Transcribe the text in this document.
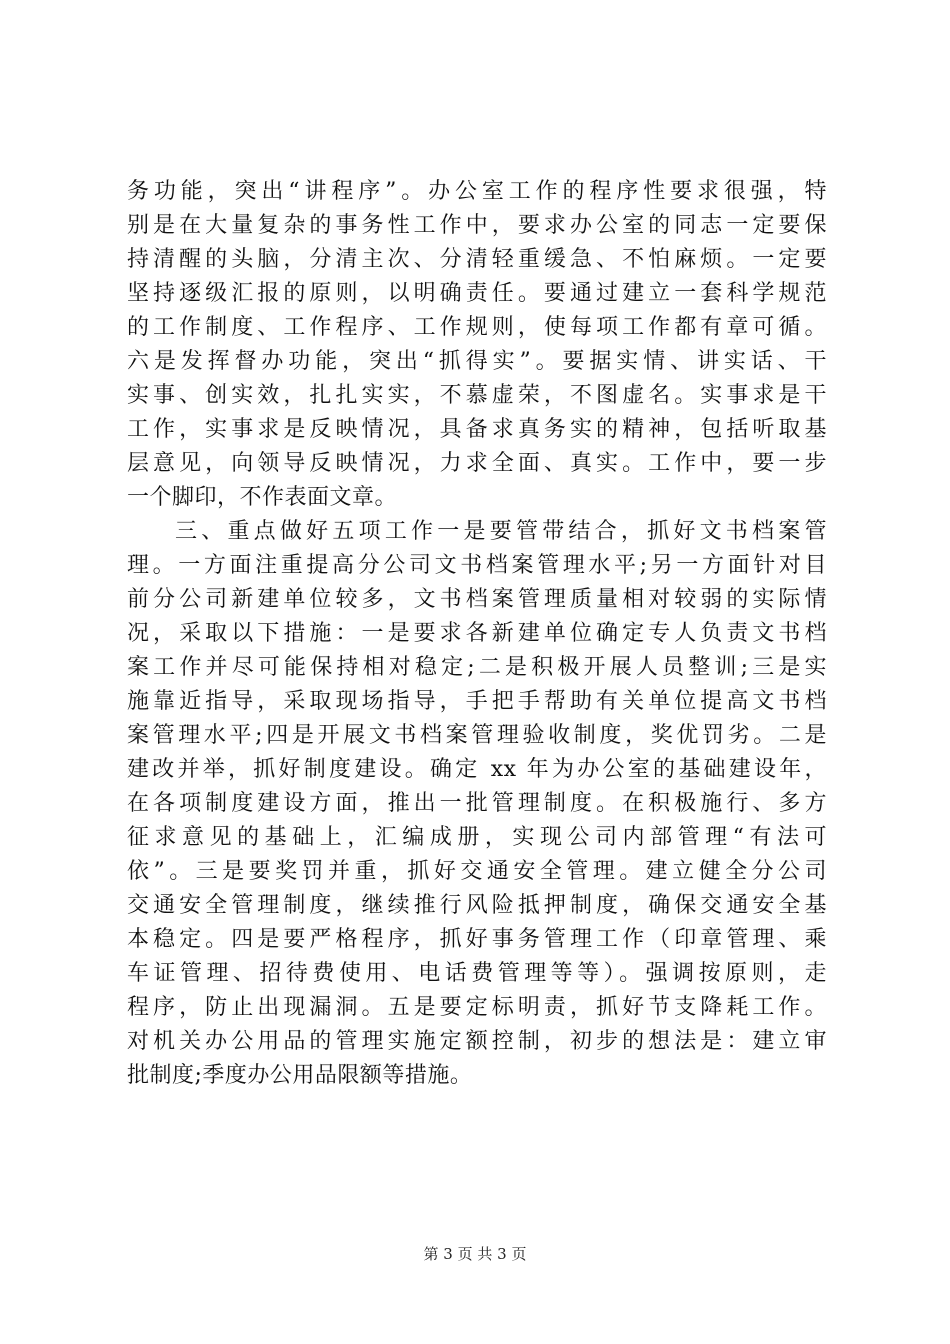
务功能，突出“讲程序”。办公室工作的程序性要求很强，特
别是在大量复杂的事务性工作中，要求办公室的同志一定要保
持清醒的头脑，分清主次、分清轻重缓急、不怕麻烦。一定要
坚持逐级汇报的原则，以明确责任。要通过建立一套科学规范
的工作制度、工作程序、工作规则，使每项工作都有章可循。
六是发挥督办功能，突出“抓得实”。要据实情、讲实话、干
实事、创实效，扎扎实实，不慕虚荣，不图虚名。实事求是干
工作，实事求是反映情况，具备求真务实的精神，包括听取基
层意见，向领导反映情况，力求全面、真实。工作中，要一步
一个脚印，不作表面文章。
三、重点做好五项工作一是要管带结合，抓好文书档案管
理。一方面注重提高分公司文书档案管理水平;另一方面针对目
前分公司新建单位较多，文书档案管理质量相对较弱的实际情
况，采取以下措施：一是要求各新建单位确定专人负责文书档
案工作并尽可能保持相对稳定;二是积极开展人员整训;三是实
施靠近指导，采取现场指导，手把手帮助有关单位提高文书档
案管理水平;四是开展文书档案管理验收制度，奖优罚劣。二是
建改并举，抓好制度建设。确定 xx 年为办公室的基础建设年，
在各项制度建设方面，推出一批管理制度。在积极施行、多方
征求意见的基础上，汇编成册，实现公司内部管理“有法可
依”。三是要奖罚并重，抓好交通安全管理。建立健全分公司
交通安全管理制度，继续推行风险抵押制度，确保交通安全基
本稳定。四是要严格程序，抓好事务管理工作（印章管理、乘
车证管理、招待费使用、电话费管理等等）。强调按原则，走
程序，防止出现漏洞。五是要定标明责，抓好节支降耗工作。
对机关办公用品的管理实施定额控制，初步的想法是：建立审
批制度;季度办公用品限额等措施。
第 3 页 共 3 页
